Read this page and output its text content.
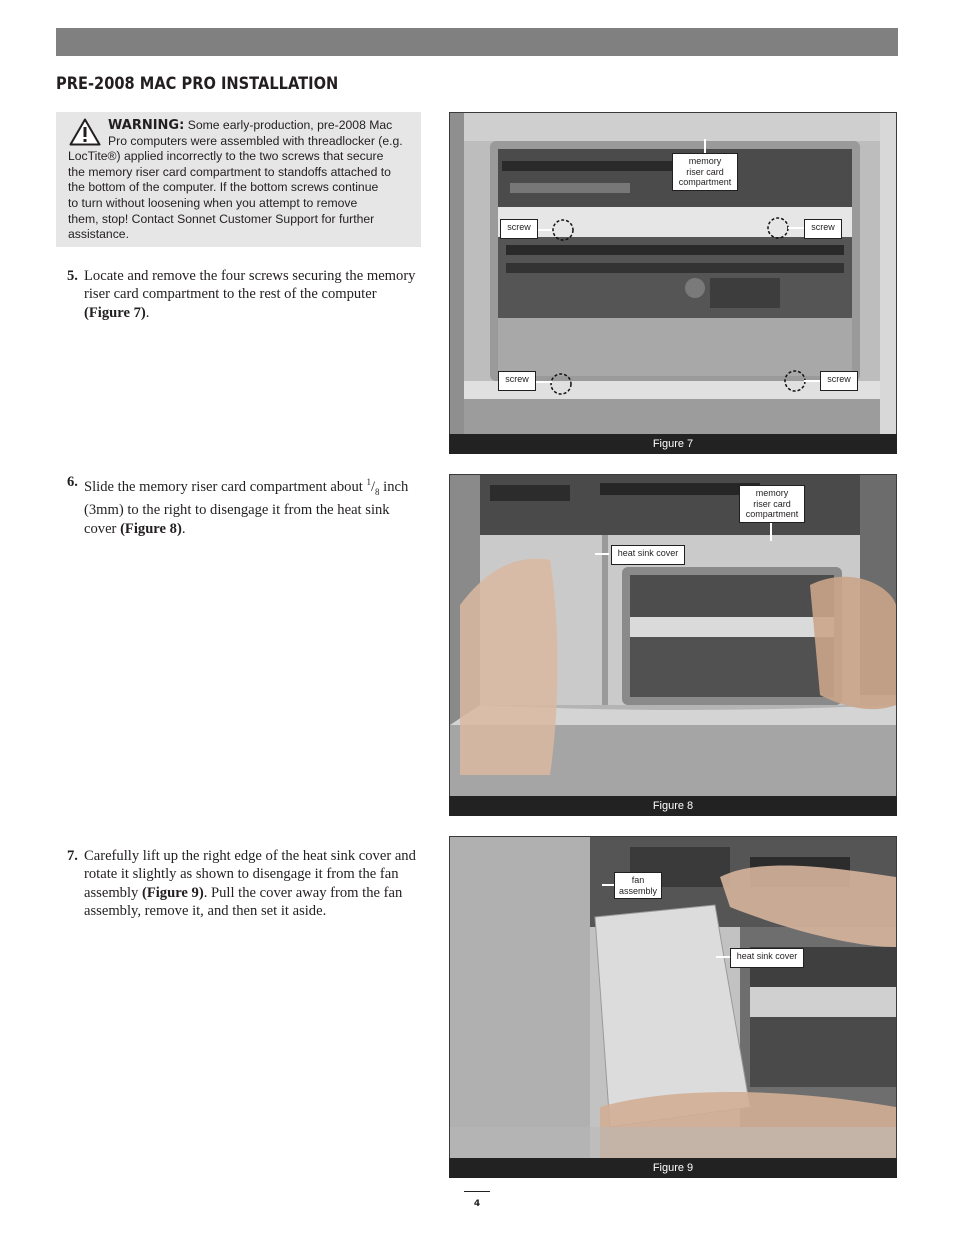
PRE-2008 MAC PRO INSTALLATION
WARNING: Some early-production, pre-2008 Mac
Pro computers were assembled with threadlocker (e.g.
LocTite®) applied incorrectly to the two screws that secure
the memory riser card compartment to standoffs attached to
the bottom of the computer. If the bottom screws continue
to turn without loosening when you attempt to remove
them, stop! Contact Sonnet Customer Support for further
assistance.

5. Locate and remove the four screws securing the memory riser card compartment to the rest of the computer (Figure 7).

6. Slide the memory riser card compartment about $^1/_8$ inch (3mm) to the right to disengage it from the heat sink cover (Figure 8).

7. Carefully lift up the right edge of the heat sink cover and rotate it slightly as shown to disengage it from the fan assembly (Figure 9). Pull the cover away from the fan assembly, remove it, and then set it aside.

memory
riser card
compartment
screw	screw
screw	screw
Figure 7
heat sink cover
memory
riser card
compartment
Figure 8
fan
assembly
heat sink cover
Figure 9
4
